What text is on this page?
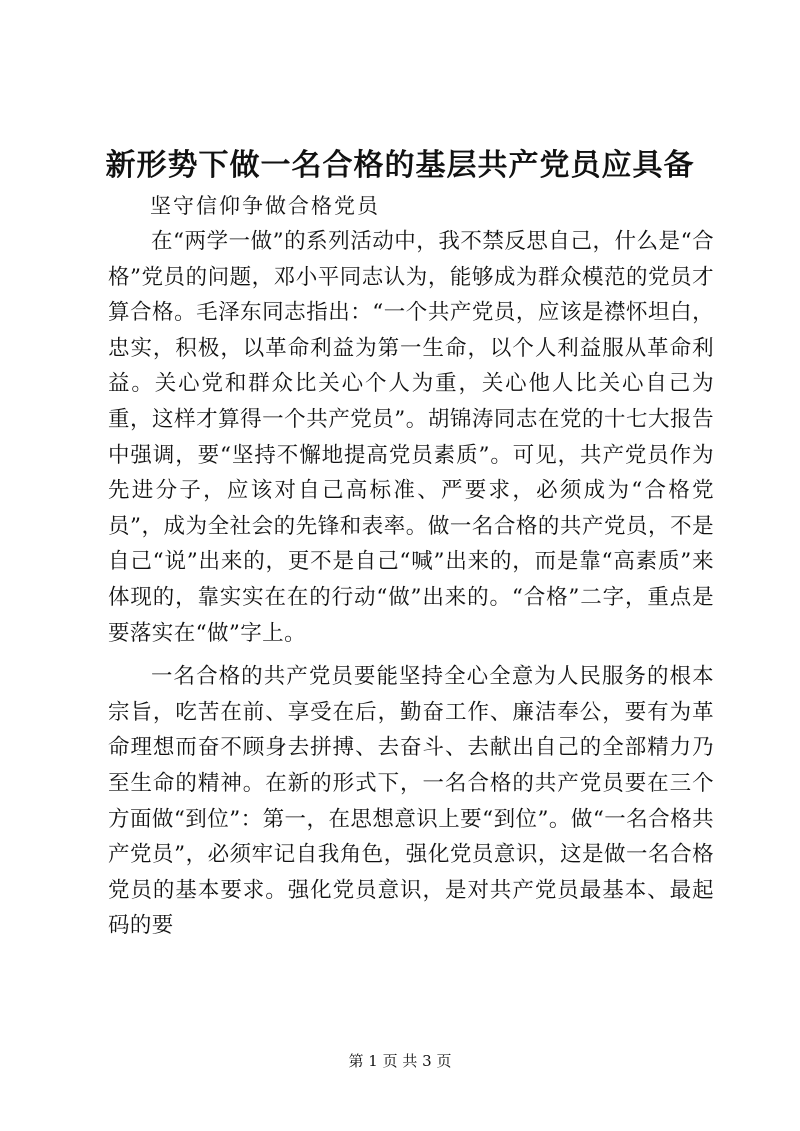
新形势下做一名合格的基层共产党员应具备

坚守信仰争做合格党员

在“两学一做”的系列活动中，我不禁反思自己，什么是“合格”党员的问题，邓小平同志认为，能够成为群众模范的党员才算合格。毛泽东同志指出：“一个共产党员，应该是襟怀坦白，忠实，积极，以革命利益为第一生命，以个人利益服从革命利益。关心党和群众比关心个人为重，关心他人比关心自己为重，这样才算得一个共产党员”。胡锦涛同志在党的十七大报告中强调，要“坚持不懈地提高党员素质”。可见，共产党员作为先进分子，应该对自己高标准、严要求，必须成为“合格党员”，成为全社会的先锋和表率。做一名合格的共产党员，不是自己“说”出来的，更不是自己“喊”出来的，而是靠“高素质”来体现的，靠实实在在的行动“做”出来的。“合格”二字，重点是要落实在“做”字上。

一名合格的共产党员要能坚持全心全意为人民服务的根本宗旨，吃苦在前、享受在后，勤奋工作、廉洁奉公，要有为革命理想而奋不顾身去拼搏、去奋斗、去献出自己的全部精力乃至生命的精神。在新的形式下，一名合格的共产党员要在三个方面做“到位”：第一，在思想意识上要“到位”。做“一名合格共产党员”，必须牢记自我角色，强化党员意识，这是做一名合格党员的基本要求。强化党员意识，是对共产党员最基本、最起码的要

第 1 页 共 3 页
